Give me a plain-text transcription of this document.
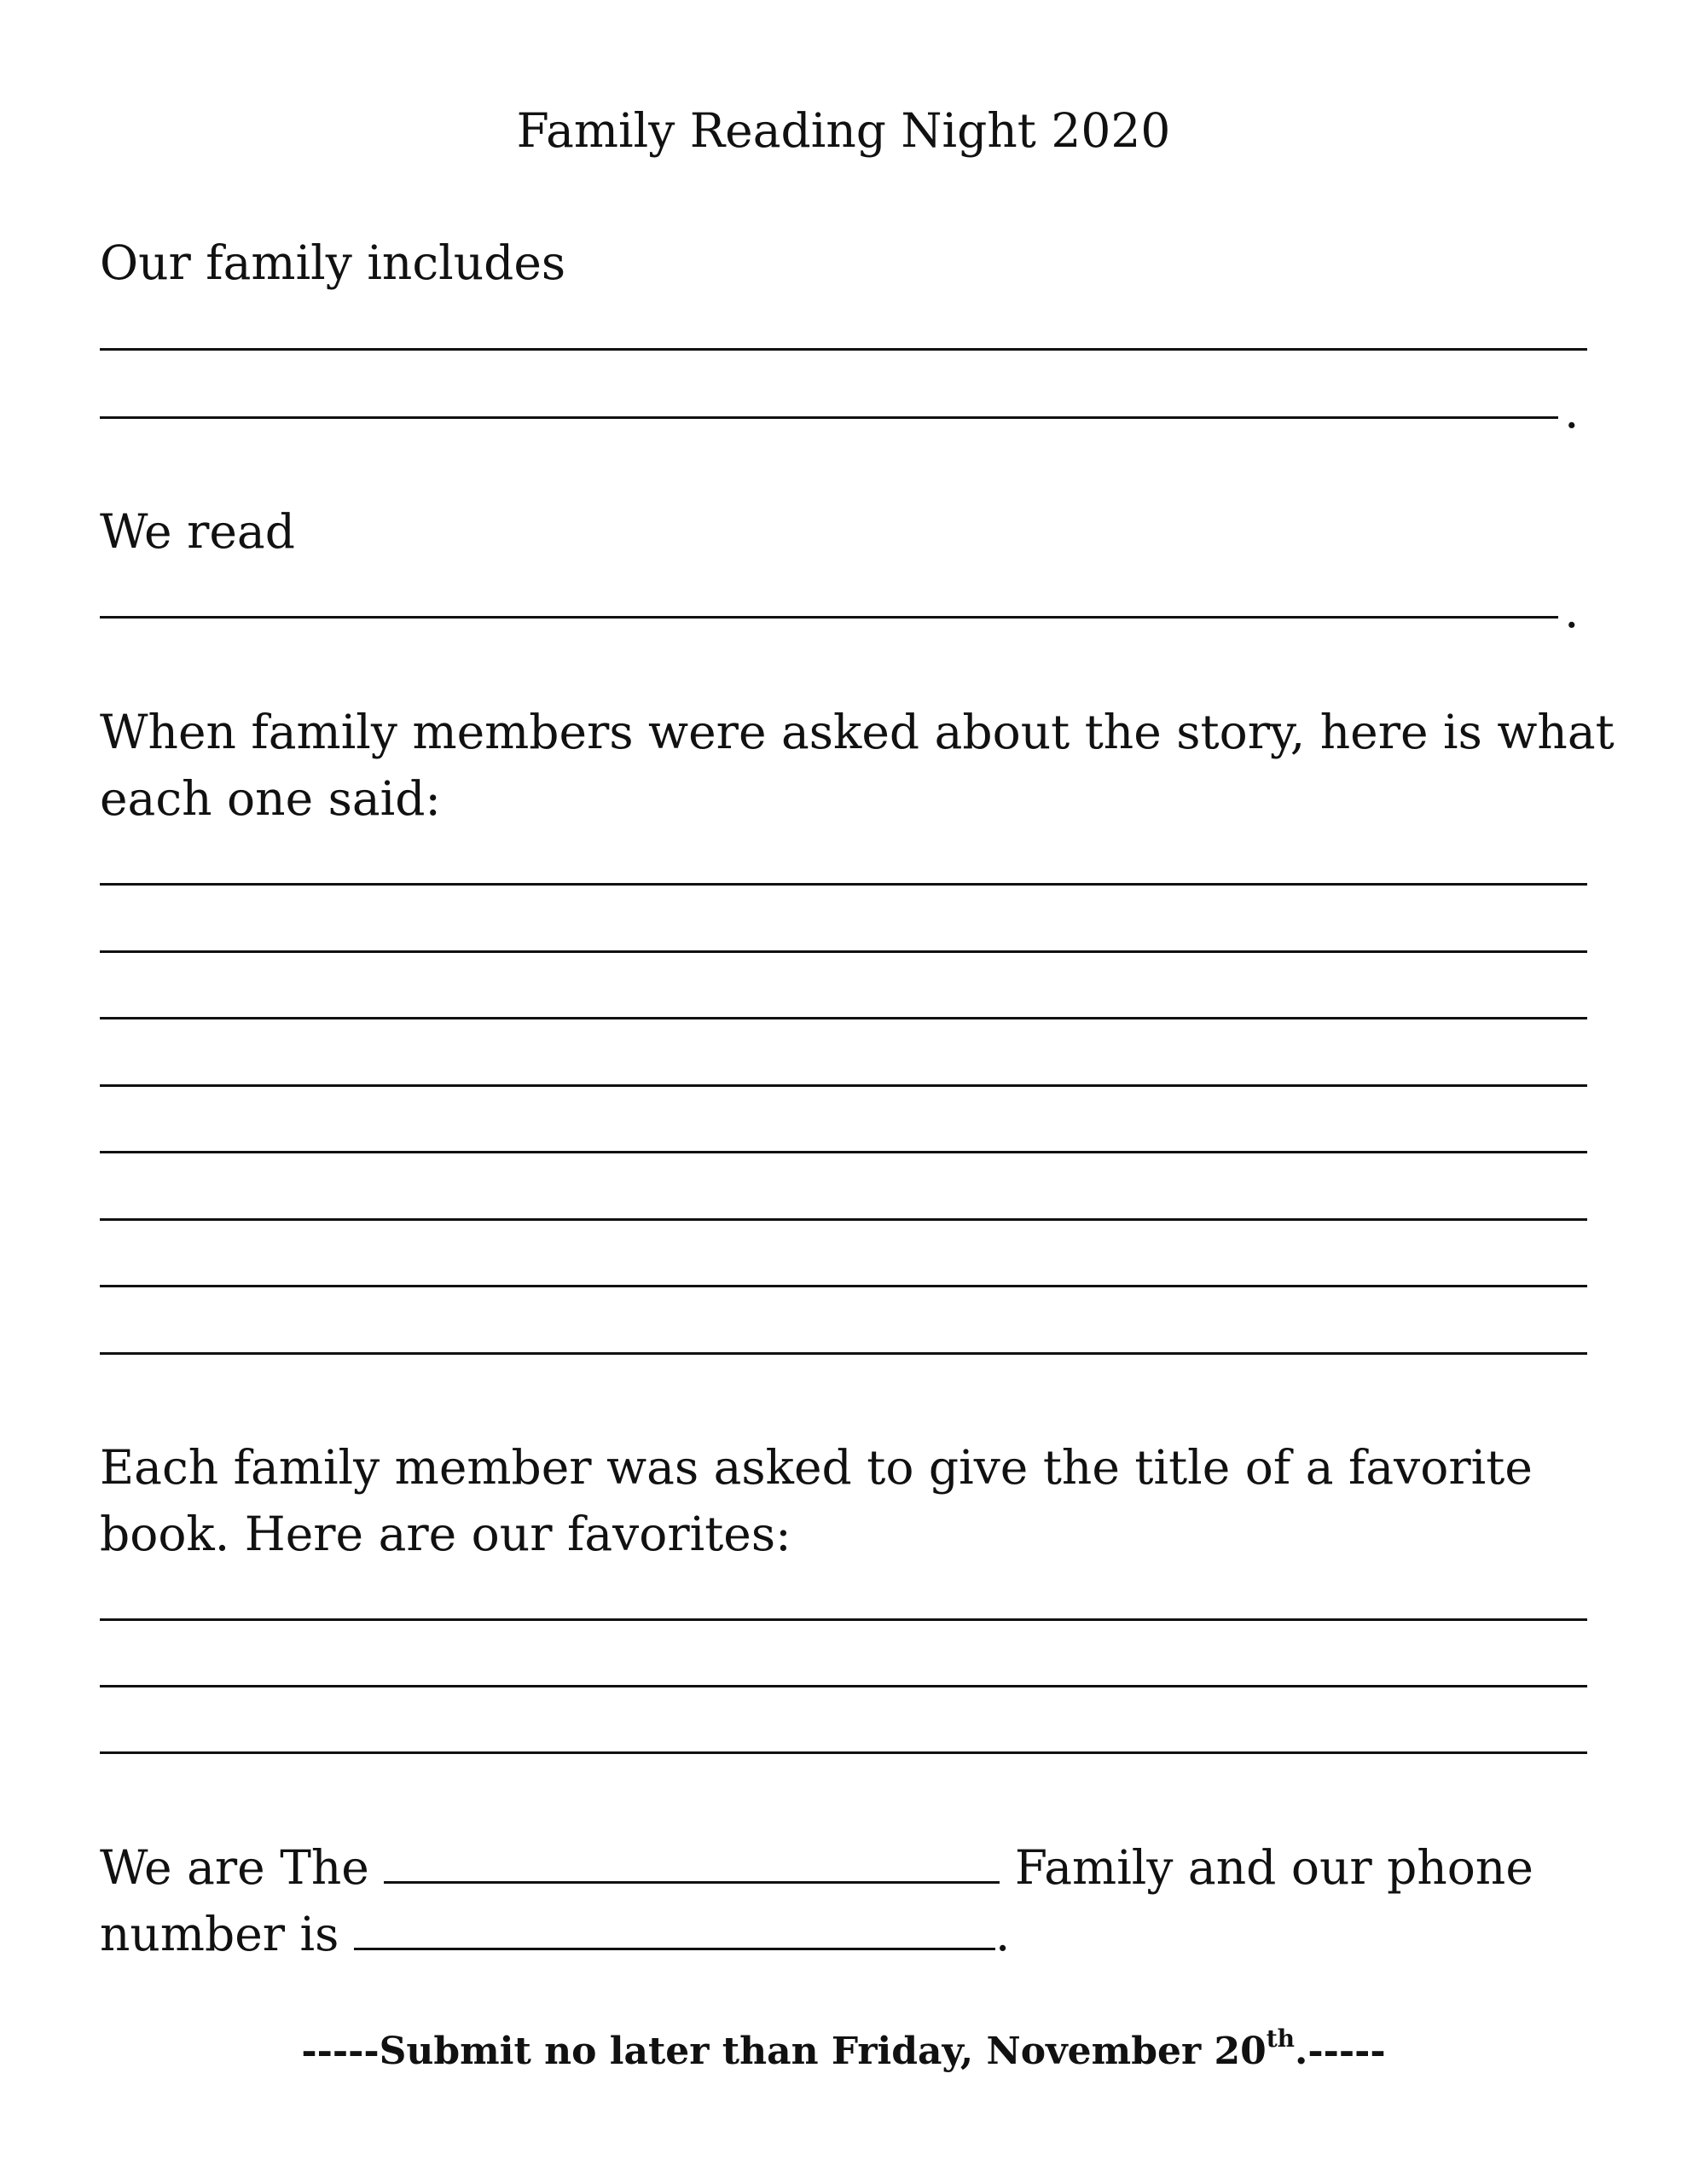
Family Reading Night 2020
Our family includes
.
We read
.
When family members were asked about the story, here is what
each one said:
Each family member was asked to give the title of a favorite
book. Here are our favorites:
We are The	Family and our phone
number is	.
-----Submit no later than Friday, November 20th.-----
